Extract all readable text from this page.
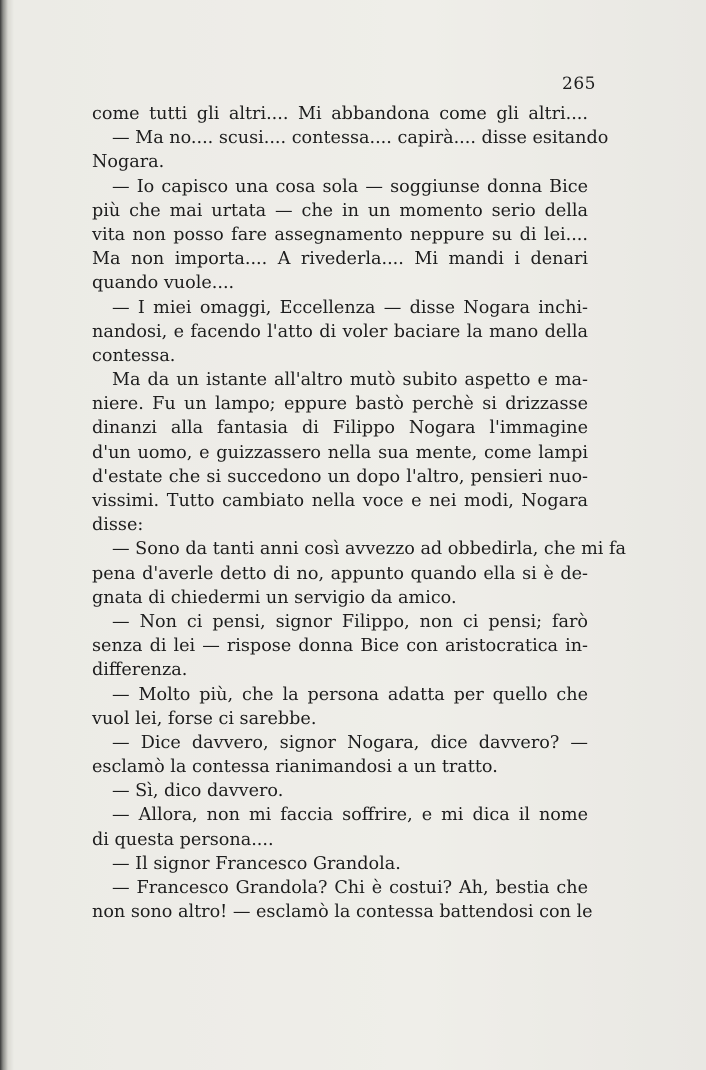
265
come tutti gli altri.... Mi abbandona come gli altri....
— Ma no.... scusi.... contessa.... capirà.... disse esitando
Nogara.
— Io capisco una cosa sola — soggiunse donna Bice
più che mai urtata — che in un momento serio della
vita non posso fare assegnamento neppure su di lei....
Ma non importa.... A rivederla.... Mi mandi i denari
quando vuole....
— I miei omaggi, Eccellenza — disse Nogara inchi-
nandosi, e facendo l'atto di voler baciare la mano della
contessa.
Ma da un istante all'altro mutò subito aspetto e ma-
niere. Fu un lampo; eppure bastò perchè si drizzasse
dinanzi alla fantasia di Filippo Nogara l'immagine
d'un uomo, e guizzassero nella sua mente, come lampi
d'estate che si succedono un dopo l'altro, pensieri nuo-
vissimi. Tutto cambiato nella voce e nei modi, Nogara
disse:
— Sono da tanti anni così avvezzo ad obbedirla, che mi fa
pena d'averle detto di no, appunto quando ella si è de-
gnata di chiedermi un servigio da amico.
— Non ci pensi, signor Filippo, non ci pensi; farò
senza di lei — rispose donna Bice con aristocratica in-
differenza.
— Molto più, che la persona adatta per quello che
vuol lei, forse ci sarebbe.
— Dice davvero, signor Nogara, dice davvero? —
esclamò la contessa rianimandosi a un tratto.
— Sì, dico davvero.
— Allora, non mi faccia soffrire, e mi dica il nome
di questa persona....
— Il signor Francesco Grandola.
— Francesco Grandola? Chi è costui? Ah, bestia che
non sono altro! — esclamò la contessa battendosi con le
